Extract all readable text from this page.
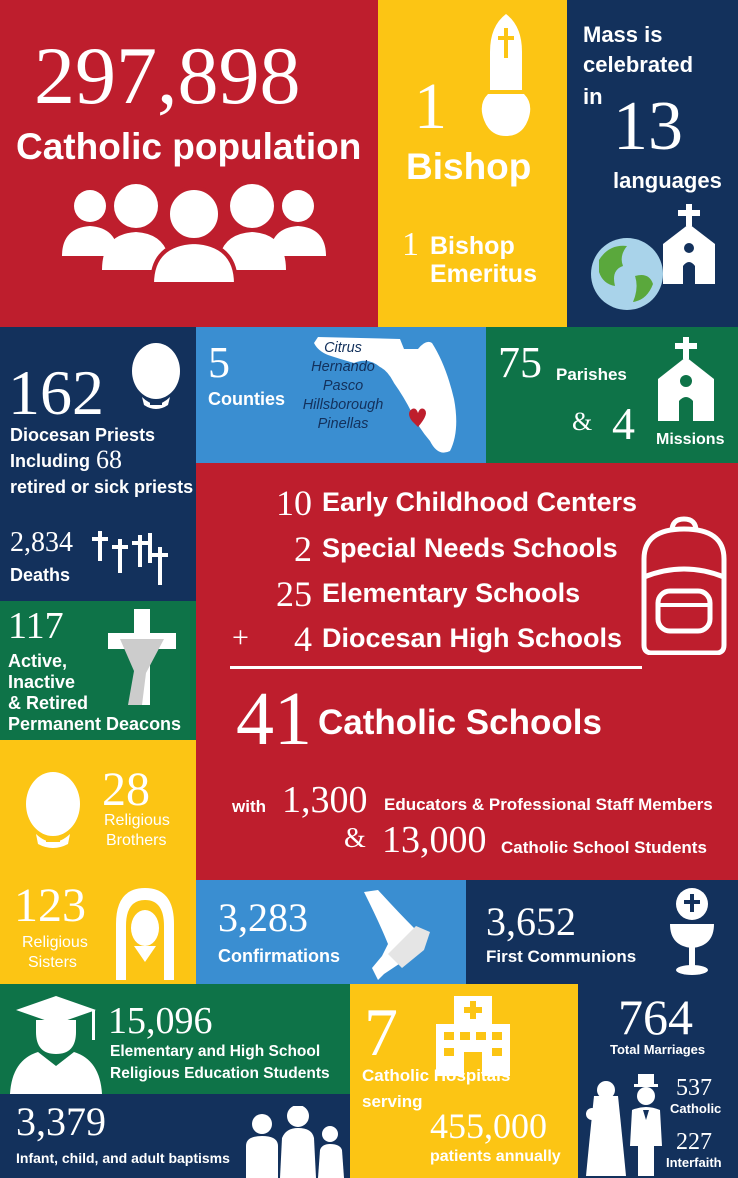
297,898
Catholic population
1
Bishop
1 Bishop
Emeritus
Mass is
celebrated
in 13
languages
162
Diocesan Priests
Including 68
retired or sick priests
5
Counties
Citrus
Hernando
Pasco
Hillsborough
Pinellas
75 Parishes
& 4 Missions
2,834
Deaths
117
Active,
Inactive
& Retired
Permanent Deacons
10 Early Childhood Centers
2 Special Needs Schools
25 Elementary Schools
+	4 Diocesan High Schools
41 Catholic Schools
with 1,300 Educators & Professional Staff Members
& 13,000 Catholic School Students
28
Religious
Brothers
123
Religious
Sisters
3,283
Confirmations
3,652
First Communions
15,096
Elementary and High School
Religious Education Students
3,379
Infant, child, and adult baptisms
7
Catholic Hospitals
serving
455,000
patients annually
764
Total Marriages
537
Catholic
227
Interfaith
